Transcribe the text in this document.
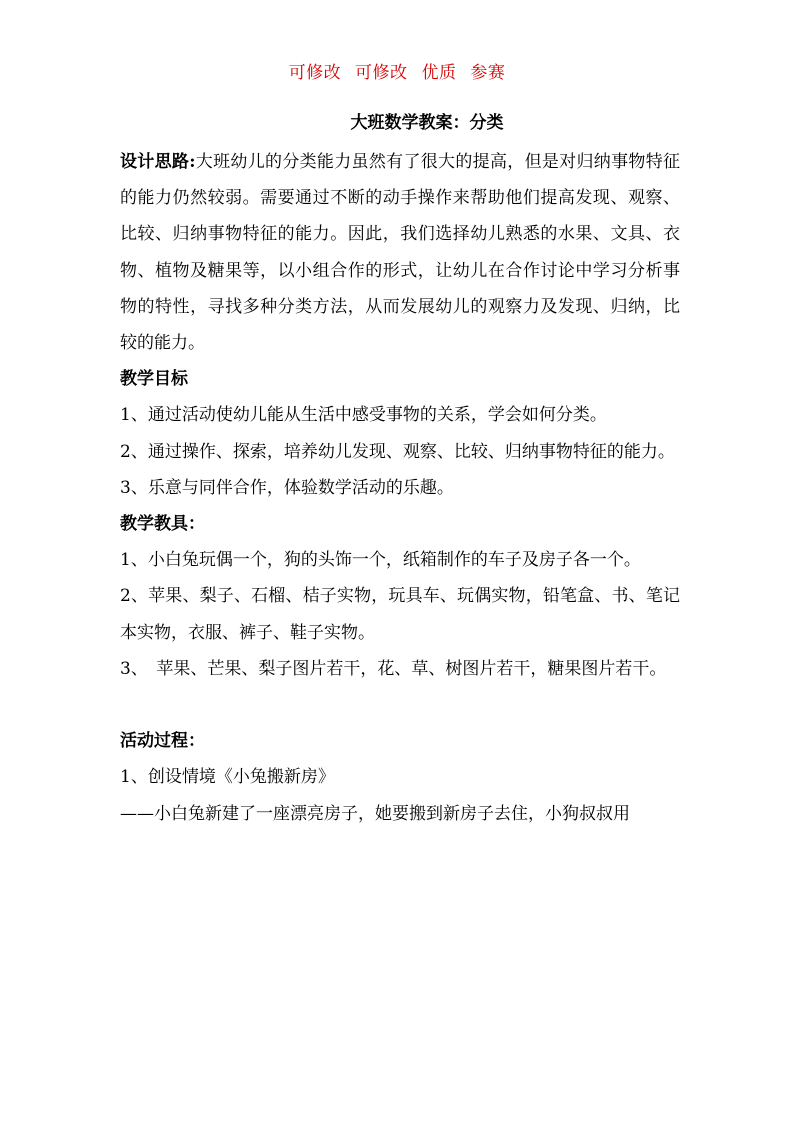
可修改 可修改 优质 参赛
大班数学教案：分类

设计思路:大班幼儿的分类能力虽然有了很大的提高，但是对归纳事物特征的能力仍然较弱。需要通过不断的动手操作来帮助他们提高发现、观察、比较、归纳事物特征的能力。因此，我们选择幼儿熟悉的水果、文具、衣物、植物及糖果等，以小组合作的形式，让幼儿在合作讨论中学习分析事物的特性，寻找多种分类方法，从而发展幼儿的观察力及发现、归纳，比较的能力。

教学目标

1、通过活动使幼儿能从生活中感受事物的关系，学会如何分类。

2、通过操作、探索，培养幼儿发现、观察、比较、归纳事物特征的能力。

3、乐意与同伴合作，体验数学活动的乐趣。

教学教具：

1、小白兔玩偶一个，狗的头饰一个，纸箱制作的车子及房子各一个。

2、苹果、梨子、石榴、桔子实物，玩具车、玩偶实物，铅笔盒、书、笔记本实物，衣服、裤子、鞋子实物。

3、　苹果、芒果、梨子图片若干，花、草、树图片若干，糖果图片若干。

活动过程：

1、创设情境《小兔搬新房》

——小白兔新建了一座漂亮房子，她要搬到新房子去住，小狗叔叔用
